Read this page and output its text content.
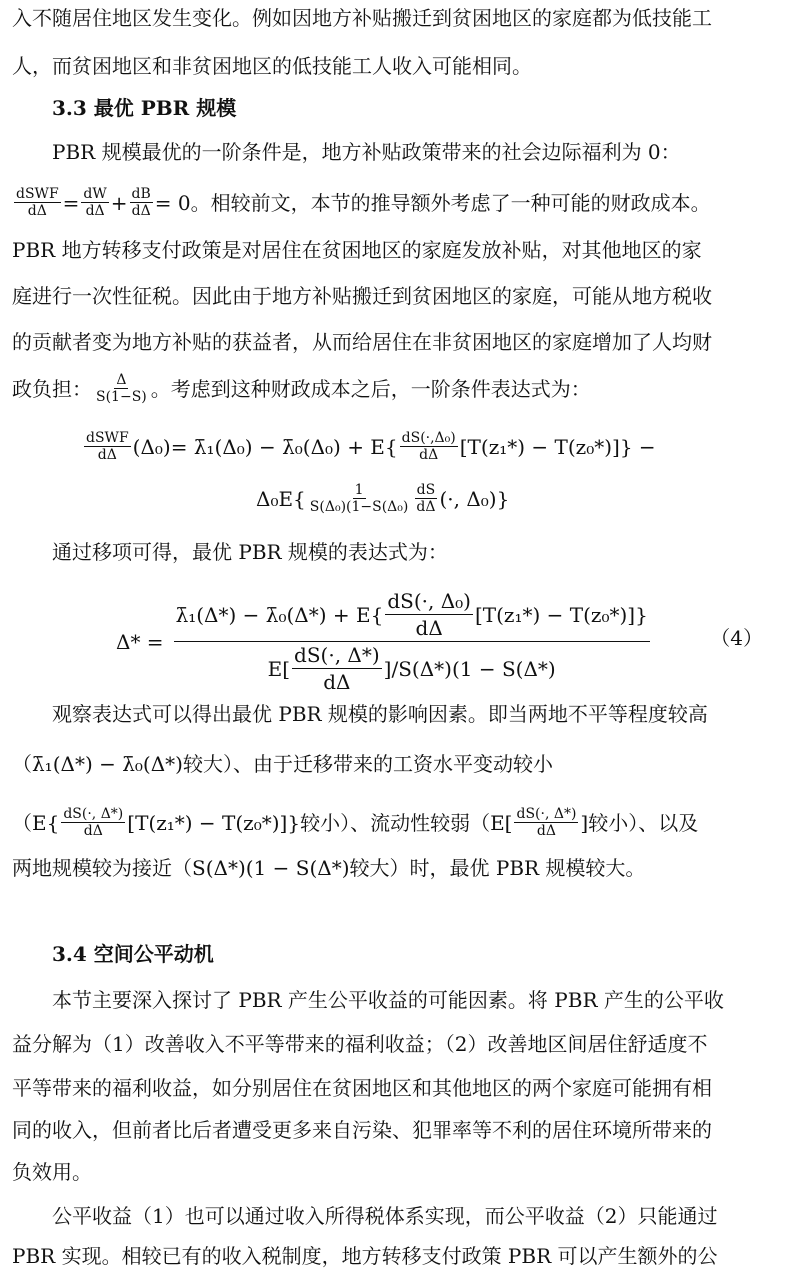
入不随居住地区发生变化。例如因地方补贴搬迁到贫困地区的家庭都为低技能工
人，而贫困地区和非贫困地区的低技能工人收入可能相同。
3.3 最优 PBR 规模
PBR 规模最优的一阶条件是，地方补贴政策带来的社会边际福利为 0：
$\frac{\text{dSWF}}{d\Delta} = \frac{dW}{d\Delta} + \frac{dB}{d\Delta} = 0$ 。相较前文，本节的推导额外考虑了一种可能的财政成本。
PBR 地方转移支付政策是对居住在贫困地区的家庭发放补贴，对其他地区的家
庭进行一次性征税。因此由于地方补贴搬迁到贫困地区的家庭，可能从地方税收
的贡献者变为地方补贴的获益者，从而给居住在非贫困地区的家庭增加了人均财
政负担： $\frac{\Delta}{S(1-S)}$ 。考虑到这种财政成本之后，一阶条件表达式为：
$\frac{\text{dSWF}}{d\Delta} (\Delta_0)=$ λ̄₁(Δ₀) − λ̄₀(Δ₀) + $E\{ \frac{\text{dS(·,Δ₀)}}{d\Delta} [T(z_1*) - T(z_0*)]\}$ −
$\Delta_0E\{ \frac{1}{\text{S(Δ₀)(1−S(Δ₀)}} \frac{dS}{d\Delta}$ (·, Δ₀)}
通过移项可得，最优 PBR 规模的表达式为：
Δ* =
λ̄₁(Δ*) − λ̄₀(Δ*) + $E\{ \frac{\text{dS(·, Δ₀)}}{d\Delta} [T(z_1*) - T(z_0*)]\}$
$E[ \frac{dS(\cdot, \Delta*)}{d\Delta} ]/S(\Delta*)(1 - S(\Delta*)$
（4）
观察表达式可以得出最优 PBR 规模的影响因素。即当两地不平等程度较高
（λ̄₁(Δ*) − λ̄₀(Δ*)较大）、由于迁移带来的工资水平变动较小
（$E\{ \frac{dS(\cdot, \Delta*)}{d\Delta} [T(z_1*) - T(z_0*)]\}$较小）、流动性较弱（$E[ \frac{dS(\cdot, \Delta*)}{d\Delta}$ ]较小）、以及
两地规模较为接近（S(Δ*)(1 − S(Δ*)较大）时，最优 PBR 规模较大。
3.4 空间公平动机
本节主要深入探讨了 PBR 产生公平收益的可能因素。将 PBR 产生的公平收
益分解为（1）改善收入不平等带来的福利收益；（2）改善地区间居住舒适度不
平等带来的福利收益，如分别居住在贫困地区和其他地区的两个家庭可能拥有相
同的收入，但前者比后者遭受更多来自污染、犯罪率等不利的居住环境所带来的
负效用。
公平收益（1）也可以通过收入所得税体系实现，而公平收益（2）只能通过
PBR 实现。相较已有的收入税制度，地方转移支付政策 PBR 可以产生额外的公
